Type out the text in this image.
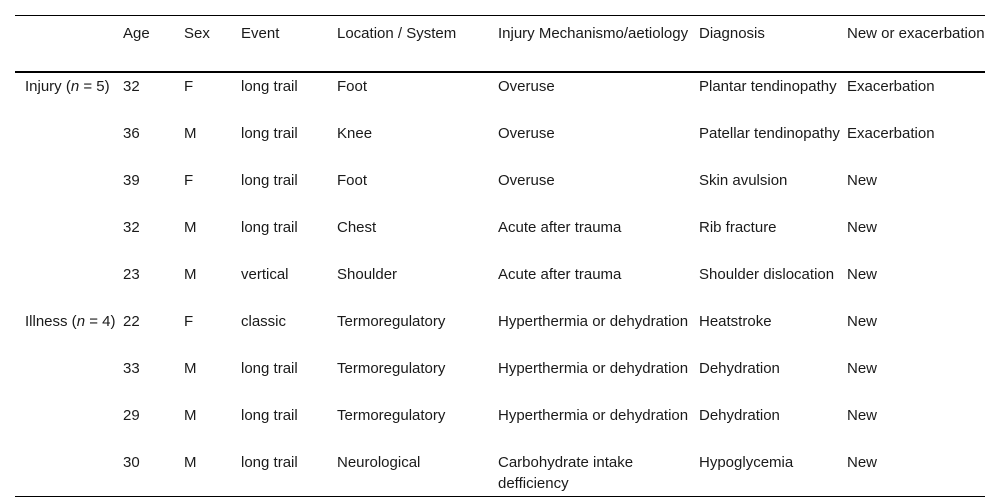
	Age	Sex	Event	Location / System	Injury Mechanismo/aetiology	Diagnosis	New or exacerbation
Injury (n = 5)	32	F	long trail	Foot	Overuse	Plantar tendinopathy	Exacerbation
	36	M	long trail	Knee	Overuse	Patellar tendinopathy	Exacerbation
	39	F	long trail	Foot	Overuse	Skin avulsion	New
	32	M	long trail	Chest	Acute after trauma	Rib fracture	New
	23	M	vertical	Shoulder	Acute after trauma	Shoulder dislocation	New
Illness (n = 4)	22	F	classic	Termoregulatory	Hyperthermia or dehydration	Heatstroke	New
	33	M	long trail	Termoregulatory	Hyperthermia or dehydration	Dehydration	New
	29	M	long trail	Termoregulatory	Hyperthermia or dehydration	Dehydration	New
	30	M	long trail	Neurological	Carbohydrate intake defficiency	Hypoglycemia	New
